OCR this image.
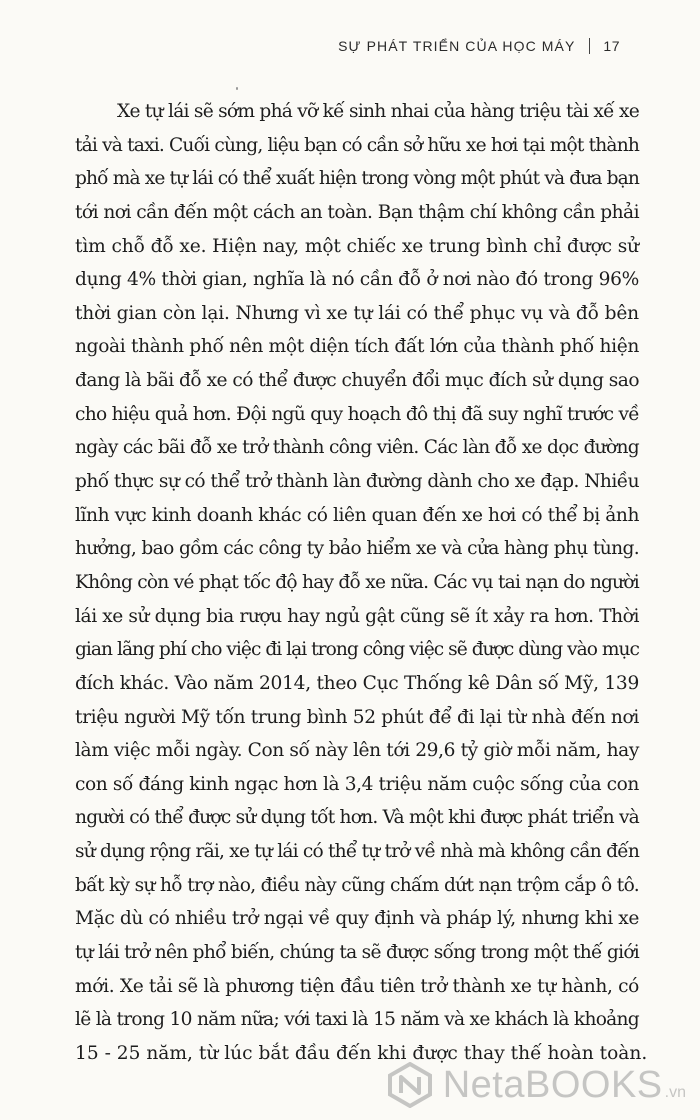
SỰ PHÁT TRIỂN CỦA HỌC MÁY 17
Xe tự lái sẽ sớm phá vỡ kế sinh nhai của hàng triệu tài xế xe
tải và taxi. Cuối cùng, liệu bạn có cần sở hữu xe hơi tại một thành
phố mà xe tự lái có thể xuất hiện trong vòng một phút và đưa bạn
tới nơi cần đến một cách an toàn. Bạn thậm chí không cần phải
tìm chỗ đỗ xe. Hiện nay, một chiếc xe trung bình chỉ được sử
dụng 4% thời gian, nghĩa là nó cần đỗ ở nơi nào đó trong 96%
thời gian còn lại. Nhưng vì xe tự lái có thể phục vụ và đỗ bên
ngoài thành phố nên một diện tích đất lớn của thành phố hiện
đang là bãi đỗ xe có thể được chuyển đổi mục đích sử dụng sao
cho hiệu quả hơn. Đội ngũ quy hoạch đô thị đã suy nghĩ trước về
ngày các bãi đỗ xe trở thành công viên. Các làn đỗ xe dọc đường
phố thực sự có thể trở thành làn đường dành cho xe đạp. Nhiều
lĩnh vực kinh doanh khác có liên quan đến xe hơi có thể bị ảnh
hưởng, bao gồm các công ty bảo hiểm xe và cửa hàng phụ tùng.
Không còn vé phạt tốc độ hay đỗ xe nữa. Các vụ tai nạn do người
lái xe sử dụng bia rượu hay ngủ gật cũng sẽ ít xảy ra hơn. Thời
gian lãng phí cho việc đi lại trong công việc sẽ được dùng vào mục
đích khác. Vào năm 2014, theo Cục Thống kê Dân số Mỹ, 139
triệu người Mỹ tốn trung bình 52 phút để đi lại từ nhà đến nơi
làm việc mỗi ngày. Con số này lên tới 29,6 tỷ giờ mỗi năm, hay
con số đáng kinh ngạc hơn là 3,4 triệu năm cuộc sống của con
người có thể được sử dụng tốt hơn. Và một khi được phát triển và
sử dụng rộng rãi, xe tự lái có thể tự trở về nhà mà không cần đến
bất kỳ sự hỗ trợ nào, điều này cũng chấm dứt nạn trộm cắp ô tô.
Mặc dù có nhiều trở ngại về quy định và pháp lý, nhưng khi xe
tự lái trở nên phổ biến, chúng ta sẽ được sống trong một thế giới
mới. Xe tải sẽ là phương tiện đầu tiên trở thành xe tự hành, có
lẽ là trong 10 năm nữa; với taxi là 15 năm và xe khách là khoảng
15 - 25 năm, từ lúc bắt đầu đến khi được thay thế hoàn toàn.
NetaBOOKS .vn
